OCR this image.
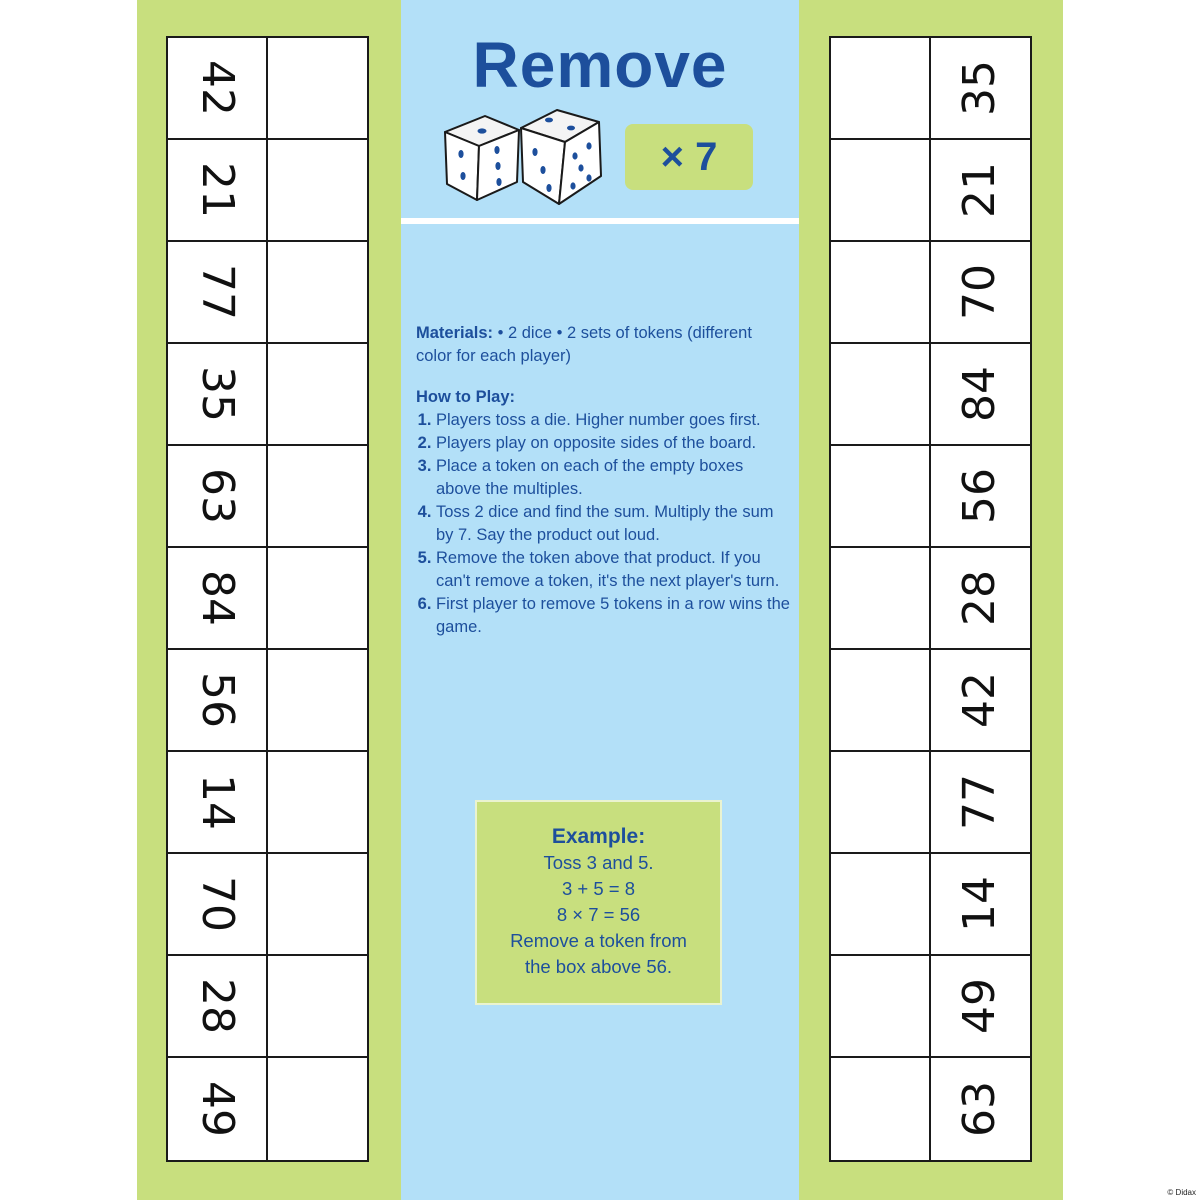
42
21
77
35
63
84
56
14
70
28
49
Remove
× 7

Materials: • 2 dice • 2 sets of tokens (different color for each player)

How to Play:

1. Players toss a die. Higher number goes first.
2. Players play on opposite sides of the board.
3. Place a token on each of the empty boxes above the multiples.
4. Toss 2 dice and find the sum. Multiply the sum by 7. Say the product out loud.
5. Remove the token above that product. If you can't remove a token, it's the next player's turn.
6. First player to remove 5 tokens in a row wins the game.
Example:
Toss 3 and 5.
3 + 5 = 8
8 × 7 = 56
Remove a token from
the box above 56.
35
21
70
84
56
28
42
77
14
49
63
© Didax
